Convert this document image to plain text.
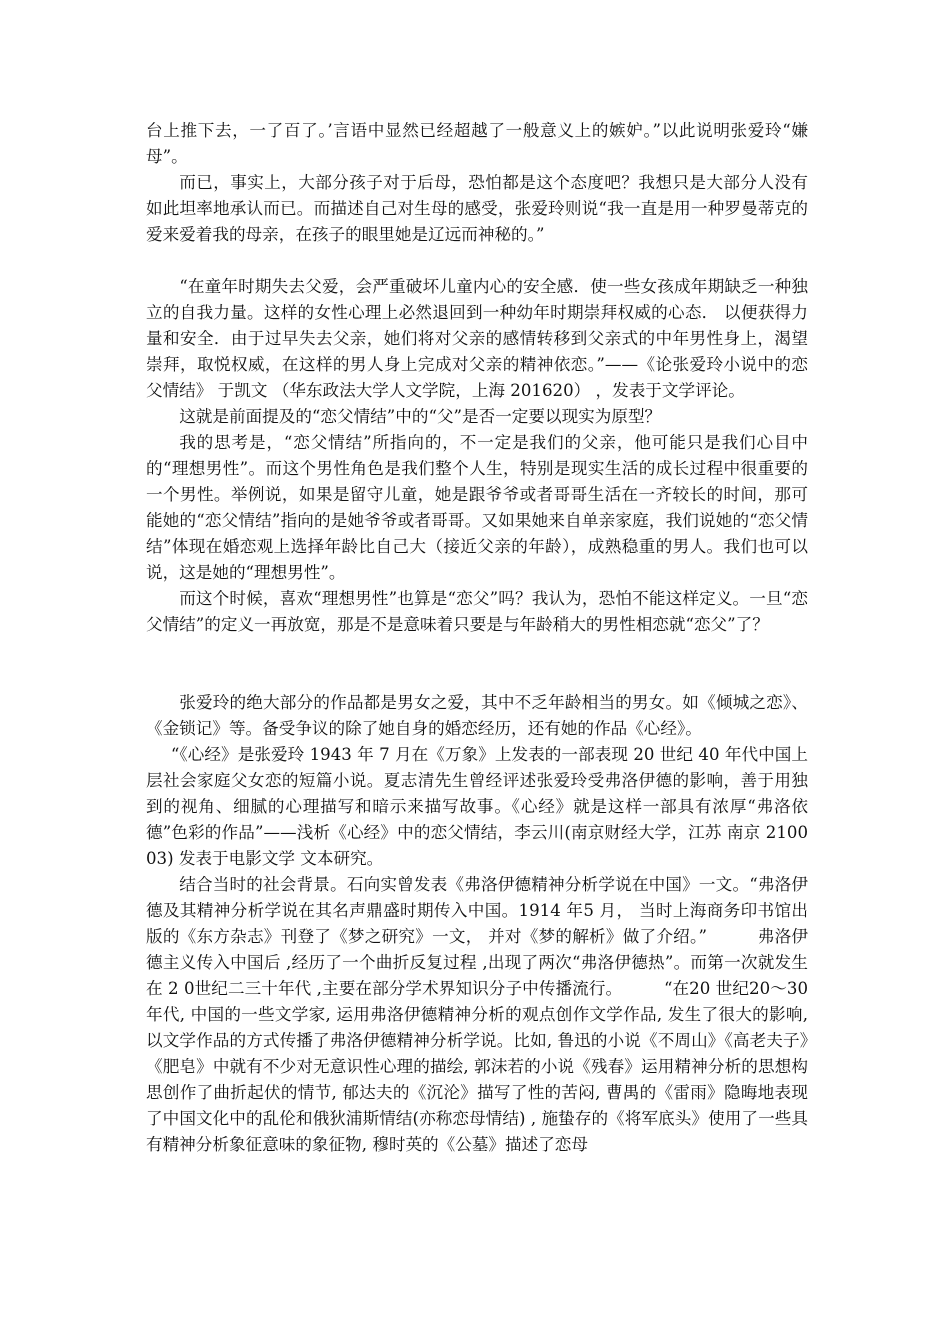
台上推下去，一了百了。’言语中显然已经超越了一般意义上的嫉妒。”以此说明张爱玲“嫌母”。

而已，事实上，大部分孩子对于后母，恐怕都是这个态度吧？我想只是大部分人没有如此坦率地承认而已。而描述自己对生母的感受，张爱玲则说“我一直是用一种罗曼蒂克的爱来爱着我的母亲，在孩子的眼里她是辽远而神秘的。”

“在童年时期失去父爱，会严重破坏儿童内心的安全感．使一些女孩成年期缺乏一种独立的自我力量。这样的女性心理上必然退回到一种幼年时期崇拜权威的心态． 以便获得力量和安全．由于过早失去父亲，她们将对父亲的感情转移到父亲式的中年男性身上，渴望崇拜，取悦权威，在这样的男人身上完成对父亲的精神依恋。”——《论张爱玲小说中的恋父情结》 于凯文 （华东政法大学人文学院，上海 201620） ，发表于文学评论。

这就是前面提及的“恋父情结”中的“父”是否一定要以现实为原型？

我的思考是，“恋父情结”所指向的，不一定是我们的父亲，他可能只是我们心目中的“理想男性”。而这个男性角色是我们整个人生，特别是现实生活的成长过程中很重要的一个男性。举例说，如果是留守儿童，她是跟爷爷或者哥哥生活在一齐较长的时间，那可能她的“恋父情结”指向的是她爷爷或者哥哥。又如果她来自单亲家庭，我们说她的“恋父情结”体现在婚恋观上选择年龄比自己大（接近父亲的年龄），成熟稳重的男人。我们也可以说，这是她的“理想男性”。

而这个时候，喜欢“理想男性”也算是“恋父”吗？我认为，恐怕不能这样定义。一旦“恋父情结”的定义一再放宽，那是不是意味着只要是与年龄稍大的男性相恋就“恋父”了？

张爱玲的绝大部分的作品都是男女之爱，其中不乏年龄相当的男女。如《倾城之恋》、《金锁记》等。备受争议的除了她自身的婚恋经历，还有她的作品《心经》。

“《心经》是张爱玲 1943 年 7 月在《万象》上发表的一部表现 20 世纪 40 年代中国上层社会家庭父女恋的短篇小说。夏志清先生曾经评述张爱玲受弗洛伊德的影响，善于用独到的视角、细腻的心理描写和暗示来描写故事。《心经》就是这样一部具有浓厚“弗洛依德”色彩的作品”——浅析《心经》中的恋父情结，李云川(南京财经大学，江苏 南京 210003) 发表于电影文学 文本研究。

结合当时的社会背景。石向实曾发表《弗洛伊德精神分析学说在中国》一文。“弗洛伊德及其精神分析学说在其名声鼎盛时期传入中国。1914 年5 月， 当时上海商务印书馆出版的《东方杂志》刊登了《梦之研究》一文， 并对《梦的解析》做了介绍。”　　　弗洛伊德主义传入中国后 ,经历了一个曲折反复过程 ,出现了两次“弗洛伊德热”。而第一次就发生在 2 0世纪二三十年代 ,主要在部分学术界知识分子中传播流行。　　　“在20 世纪20～30 年代, 中国的一些文学家, 运用弗洛伊德精神分析的观点创作文学作品, 发生了很大的影响, 以文学作品的方式传播了弗洛伊德精神分析学说。比如, 鲁迅的小说《不周山》《高老夫子》《肥皂》中就有不少对无意识性心理的描绘, 郭沫若的小说《残春》运用精神分析的思想构思创作了曲折起伏的情节, 郁达夫的《沉沦》描写了性的苦闷, 曹禺的《雷雨》隐晦地表现了中国文化中的乱伦和俄狄浦斯情结(亦称恋母情结) , 施蛰存的《将军底头》使用了一些具有精神分析象征意味的象征物, 穆时英的《公墓》描述了恋母
